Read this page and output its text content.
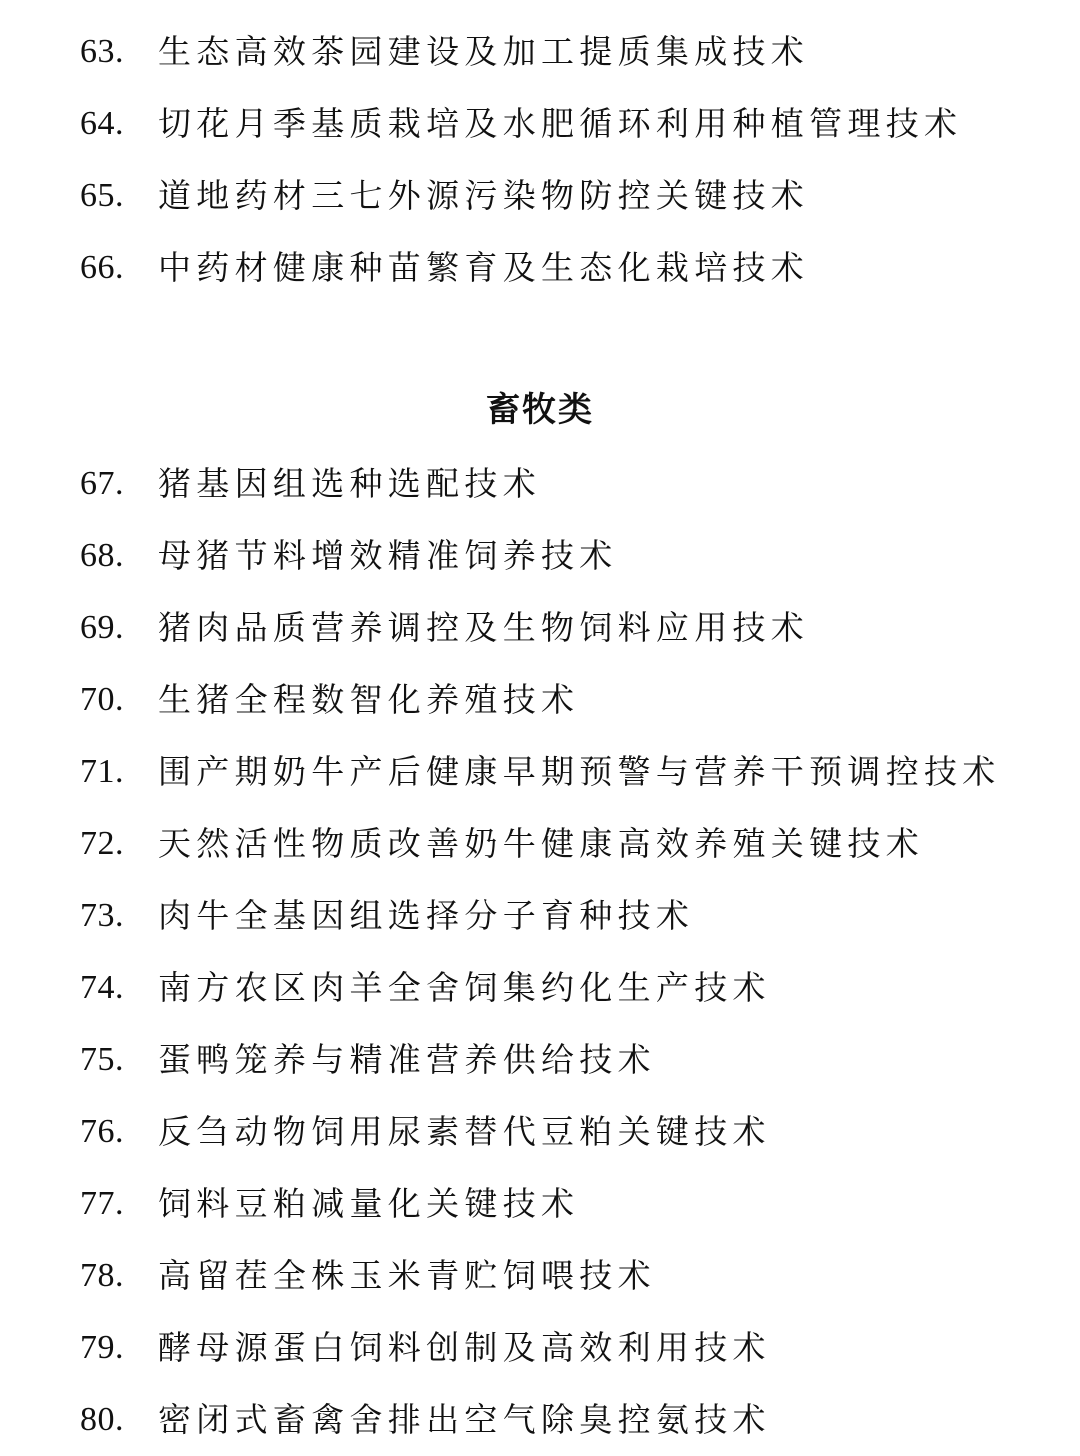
63. 生态高效茶园建设及加工提质集成技术
64. 切花月季基质栽培及水肥循环利用种植管理技术
65. 道地药材三七外源污染物防控关键技术
66. 中药材健康种苗繁育及生态化栽培技术
畜牧类
67. 猪基因组选种选配技术
68. 母猪节料增效精准饲养技术
69. 猪肉品质营养调控及生物饲料应用技术
70. 生猪全程数智化养殖技术
71. 围产期奶牛产后健康早期预警与营养干预调控技术
72. 天然活性物质改善奶牛健康高效养殖关键技术
73. 肉牛全基因组选择分子育种技术
74. 南方农区肉羊全舍饲集约化生产技术
75. 蛋鸭笼养与精准营养供给技术
76. 反刍动物饲用尿素替代豆粕关键技术
77. 饲料豆粕减量化关键技术
78. 高留茬全株玉米青贮饲喂技术
79. 酵母源蛋白饲料创制及高效利用技术
80. 密闭式畜禽舍排出空气除臭控氨技术
